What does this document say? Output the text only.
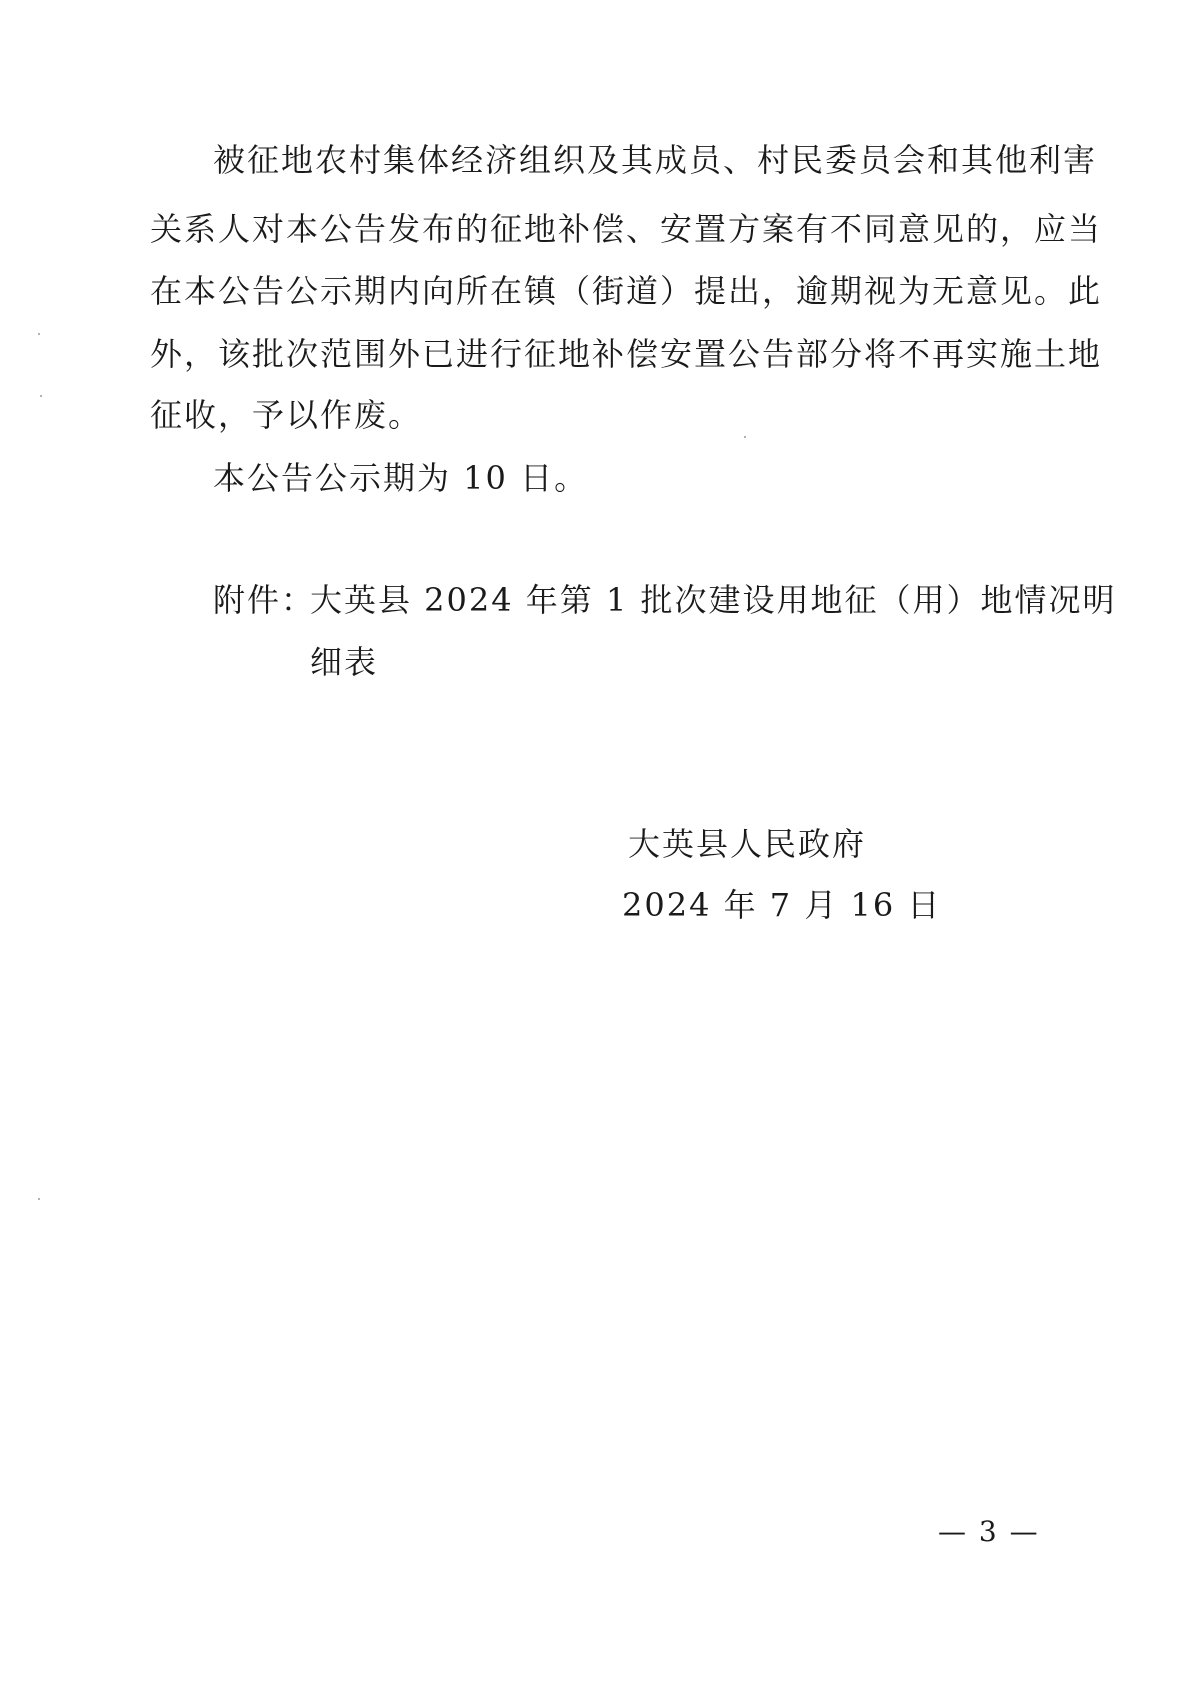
被征地农村集体经济组织及其成员、村民委员会和其他利害
关系人对本公告发布的征地补偿、安置方案有不同意见的，应当
在本公告公示期内向所在镇（街道）提出，逾期视为无意见。此
外，该批次范围外已进行征地补偿安置公告部分将不再实施土地
征收，予以作废。
本公告公示期为 10 日。
附件：
大英县 2024 年第 1 批次建设用地征（用）地情况明
细表
大英县人民政府
2024 年 7 月 16 日
— 3 —
